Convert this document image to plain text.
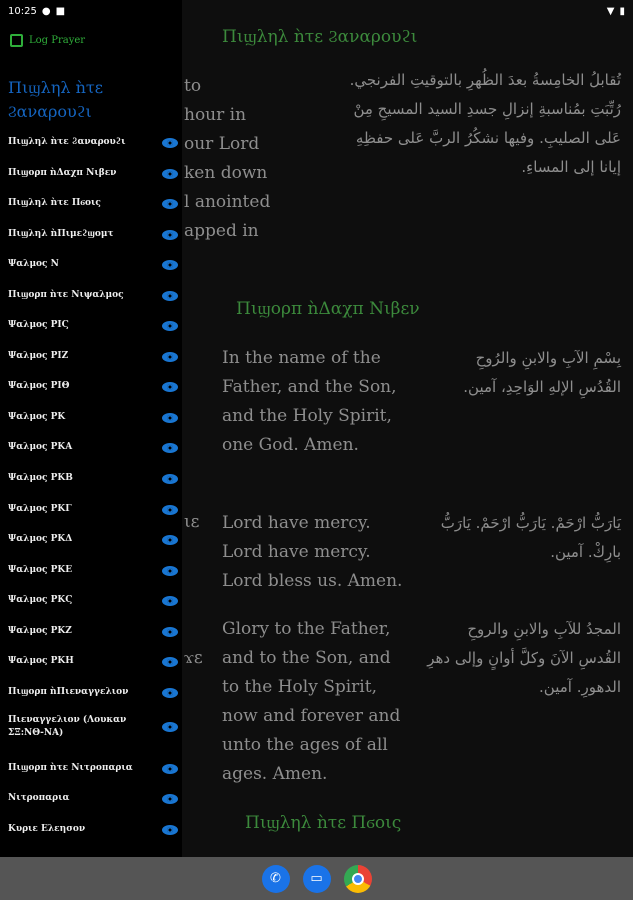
10:25 ● ■	▼ ▮
Log Prayer
Πιϣληλ ǹτε Ϩαναρουϩι
Πιϣληλ ǹτε Ϩαναρουϩι
Πιϣορπ ǹΔαχπ Νιβεν
Πιϣληλ ǹτε Πϭοις
Πιϣληλ ǹΠιμεϩϣομτ
Ψαλμος Ν
Πιϣορπ ǹτε Νιψαλμος
Ψαλμος ΡΙϚ
Ψαλμος ΡΙΖ
Ψαλμος ΡΙΘ
Ψαλμος ΡΚ
Ψαλμος ΡΚΑ
Ψαλμος ΡΚΒ
Ψαλμος ΡΚΓ
Ψαλμος ΡΚΔ
Ψαλμος ΡΚΕ
Ψαλμος ΡΚϚ
Ψαλμος ΡΚΖ
Ψαλμος ΡΚΗ
Πιϣορπ ǹΠιεναγγελιον
Πιεναγγελιον (Λουκαν ΣΞ:ΝΘ-ΝΑ)
Πιϣορπ ǹτε Νιτροπαρια
Νιτροπαρια
Κυριε Ελεησον
Πιϣληλ ǹτε Ϩαναρουϩι
to
hour in
our Lord
ken down
l anointed
apped in
تُقابلُ الخامِسةُ بعدَ الظُهرِ بالتوقيتِ الفرنجي. رُتِّبَتِ بمُناسبةِ إنزالِ جسدِ السيد المسيحِ مِنْ عَلى الصليبِ. وفيها نشكُرُ الربَّ عَلى حفظِهِ إيانا إلى المساءِ.
Πιϣορπ ǹΔαχπ Νιβεν
In the name of the Father, and the Son, and the Holy Spirit, one God. Amen.
بِسْمِ الآبِ والابنِ والرُوحِ القُدُسِ الإلهِ الوَاحِدِ، آمين.
ιε Lord have mercy. Lord have mercy. Lord bless us. Amen.
يَارَبُّ ارْحَمْ. يَارَبُّ ارْحَمْ. يَارَبُّ بارِكْ. آمين.
ϫε
Glory to the Father, and to the Son, and to the Holy Spirit, now and forever and unto the ages of all ages. Amen.
المجدُ للآبِ والابنِ والروحِ القُدسِ الآنَ وكلَّ أوانٍ وإلى دهرِ الدهورِ. آمين.
Πιϣληλ ǹτε Πϭοις
✆	▭
